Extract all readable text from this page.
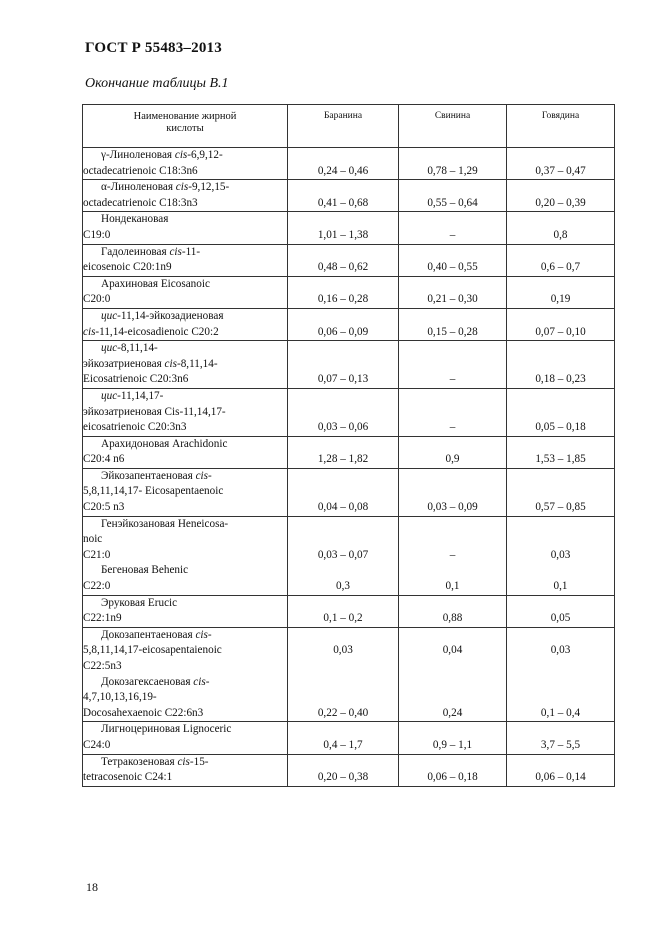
ГОСТ Р 55483–2013
Окончание таблицы В.1
Наименование жирной
кислоты	Баранина	Свинина	Говядина

γ-Линоленовая cis-6,9,12-
octadecatrienoic C18:3n6	0,24 – 0,46	0,78 – 1,29	0,37 – 0,47

α-Линоленовая cis-9,12,15-
octadecatrienoic C18:3n3	0,41 – 0,68	0,55 – 0,64	0,20 – 0,39

Нондекановая
C19:0	1,01 – 1,38	–	0,8

Гадолеиновая cis-11-
eicosenoic C20:1n9	0,48 – 0,62	0,40 – 0,55	0,6 – 0,7

Арахиновая Eicosanoic
C20:0	0,16 – 0,28	0,21 – 0,30	0,19

цис-11,14-эйкозадиеновая
cis-11,14-eicosadienoic C20:2	0,06 – 0,09	0,15 – 0,28	0,07 – 0,10

цис-8,11,14-
эйкозатриеновая cis-8,11,14-
Eicosatrienoic C20:3n6	0,07 – 0,13	–	0,18 – 0,23

цис-11,14,17-
эйкозатриеновая Cis-11,14,17-
eicosatrienoic C20:3n3	0,03 – 0,06	–	0,05 – 0,18

Арахидоновая Arachidonic
C20:4 n6	1,28 – 1,82	0,9	1,53 – 1,85

Эйкозапентаеновая cis-
5,8,11,14,17- Eicosapentaenoic
C20:5 n3	0,04 – 0,08	0,03 – 0,09	0,57 – 0,85

Генэйкозановая Heneicosa-
noic
C21:0	0,03 – 0,07	–	0,03

Бегеновая Behenic
C22:0	0,3	0,1	0,1

Эруковая Erucic
C22:1n9	0,1 – 0,2	0,88	0,05

Докозапентаеновая cis-
5,8,11,14,17-eicosapentaienoic
C22:5n3	0,03	0,04	0,03

Докозагексаеновая cis-
4,7,10,13,16,19-
Docosahexaenoic C22:6n3	0,22 – 0,40	0,24	0,1 – 0,4

Лигноцериновая Lignoceric
C24:0	0,4 – 1,7	0,9 – 1,1	3,7 – 5,5

Тетракозеновая cis-15-
tetracosenoic C24:1	0,20 – 0,38	0,06 – 0,18	0,06 – 0,14
18
